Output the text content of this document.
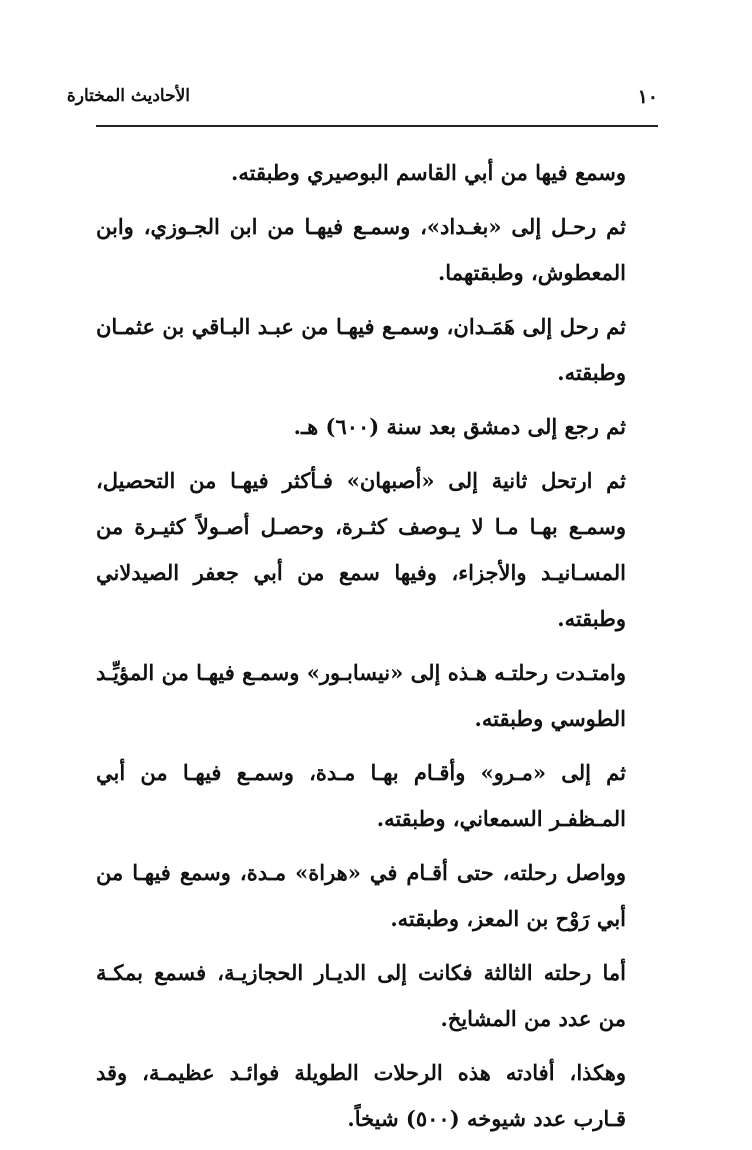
١٠
الأحاديث المختارة

وسمع فيها من أبي القاسم البوصيري وطبقته.

ثم رحـل إلى «بغـداد»، وسمـع فيهـا من ابن الجـوزي، وابن المعطوش، وطبقتهما.

ثم رحل إلى هَمَـدان، وسمـع فيهـا من عبـد البـاقي بن عثمـان وطبقته.

ثم رجع إلى دمشق بعد سنة (٦٠٠) هـ.

ثم ارتحل ثانية إلى «أصبهان» فـأكثر فيهـا من التحصيل، وسمـع بهـا مـا لا يـوصف كثـرة، وحصـل أصـولاً كثيـرة من المسـانيـد والأجزاء، وفيها سمع من أبي جعفر الصيدلاني وطبقته.

وامتـدت رحلتـه هـذه إلى «نيسابـور» وسمـع فيهـا من المؤيِّـد الطوسي وطبقته.

ثم إلى «مـرو» وأقـام بهـا مـدة، وسمـع فيهـا من أبي المـظفـر السمعاني، وطبقته.

وواصل رحلته، حتى أقـام في «هراة» مـدة، وسمع فيهـا من أبي رَوْح بن المعز، وطبقته.

أما رحلته الثالثة فكانت إلى الديـار الحجازيـة، فسمع بمكـة من عدد من المشايخ.

وهكذا، أفادته هذه الرحلات الطويلة فوائـد عظيمـة، وقد قـارب عدد شيوخه (٥٠٠) شيخاً.
